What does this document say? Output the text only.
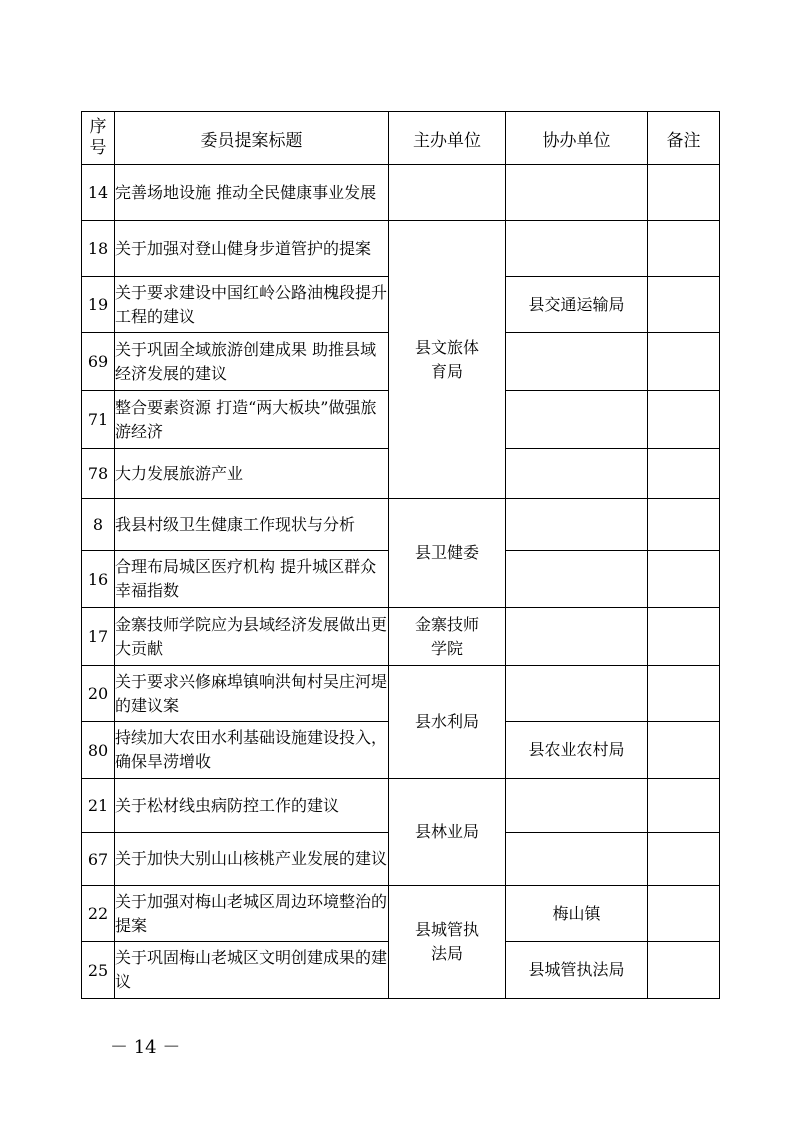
序号	委员提案标题	主办单位	协办单位	备注
14	完善场地设施 推动全民健康事业发展			
18	关于加强对登山健身步道管护的提案	县文旅体育局		

19	关于要求建设中国红岭公路油槐段提升工程的建议		县交通运输局	
69	关于巩固全域旅游创建成果 助推县域经济发展的建议			
71	整合要素资源 打造“两大板块”做强旅游经济			
78	大力发展旅游产业			
8	我县村级卫生健康工作现状与分析	县卫健委		
16	合理布局城区医疗机构 提升城区群众幸福指数			
17	金寨技师学院应为县域经济发展做出更大贡献	金寨技师学院		

20	关于要求兴修麻埠镇响洪甸村吴庄河堤的建议案	县水利局		
80	持续加大农田水利基础设施建设投入，确保旱涝增收		县农业农村局	
21	关于松材线虫病防控工作的建议	县林业局		
67	关于加快大别山山核桃产业发展的建议			
22	关于加强对梅山老城区周边环境整治的提案	县城管执法局	梅山镇	
25	关于巩固梅山老城区文明创建成果的建议		县城管执法局	
－ 14 －
